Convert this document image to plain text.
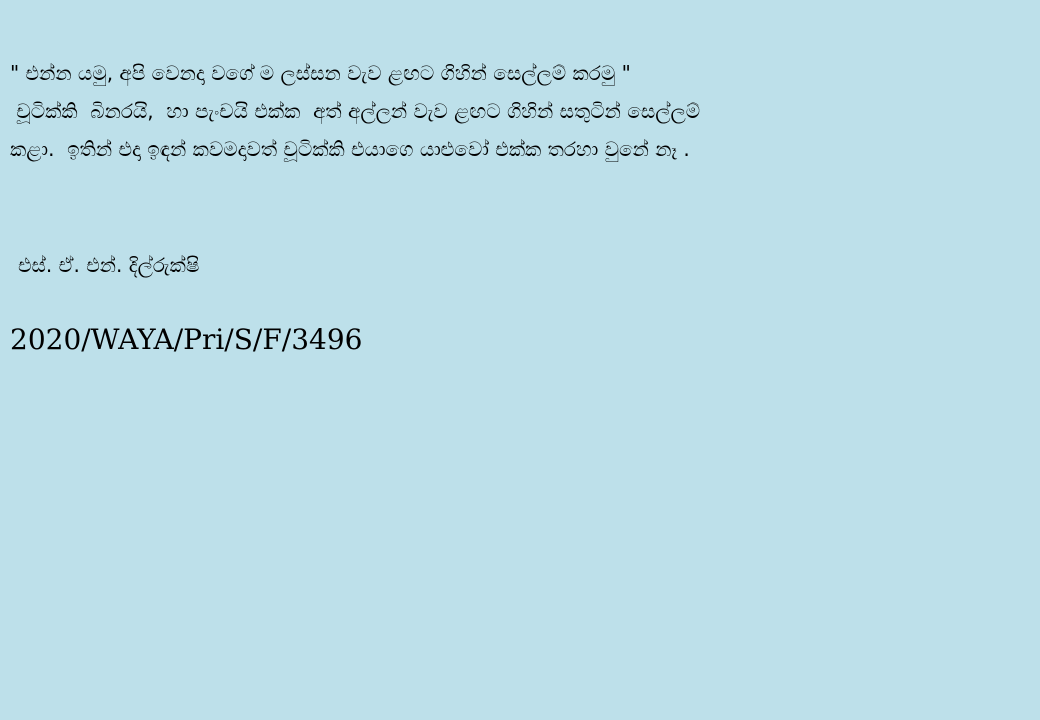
" එන්න යමු, අපි වෙනදා වගේ ම ලස්සන වැව ළඟට ගිහින් සෙල්ලම් කරමු "
චූටික්කි  බිනරයි,  හා පැංචයි එක්ක  අත් අල්ලන් වැව ළඟට ගිහින් සතුටින් සෙල්ලම්
කළා.  ඉතින් එදා ඉඳන් කවමදාවත් චූටික්කි එයාගෙ යාළුවෝ එක්ක තරහා වුනේ නෑ .
එස්. ඒ. එන්. දිල්රුක්ෂි
2020/WAYA/Pri/S/F/3496
